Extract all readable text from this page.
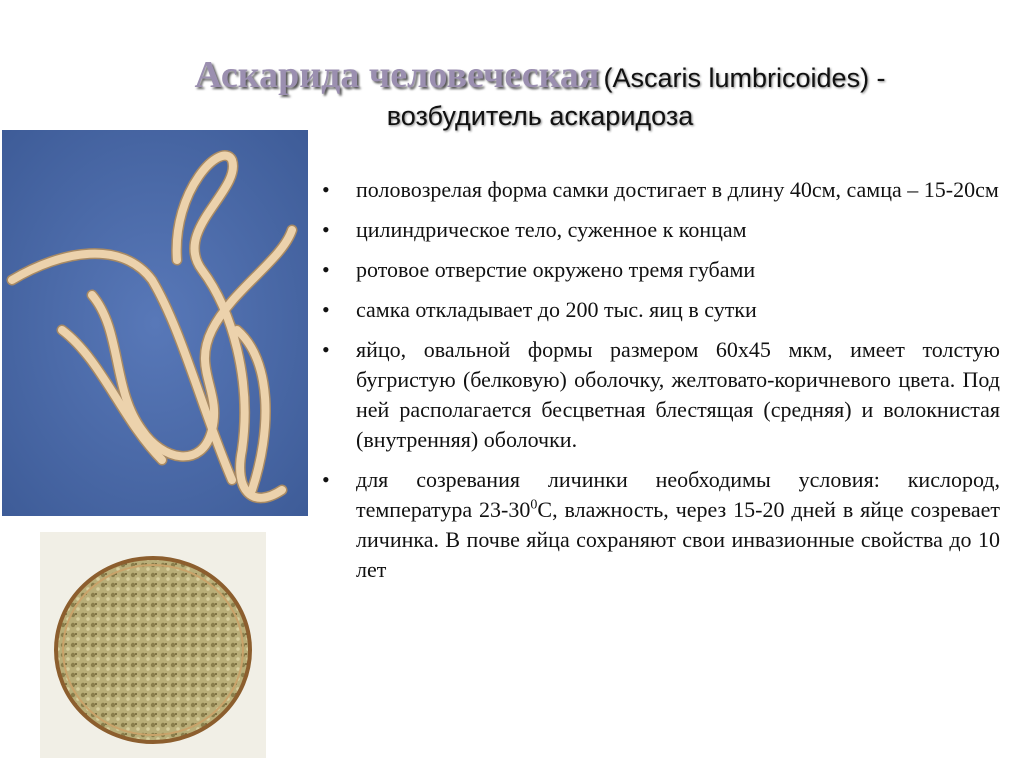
Аскарида человеческая (Ascaris lumbricoides) -
возбудитель аскаридоза
• половозрелая форма самки достигает в длину 40см, самца – 15-20см
• цилиндрическое тело, суженное к концам
• ротовое отверстие окружено тремя губами
• самка откладывает до 200 тыс. яиц в сутки
• яйцо, овальной формы размером 60х45 мкм, имеет толстую бугристую (белковую) оболочку, желтовато-коричневого цвета. Под ней располагается бесцветная блестящая (средняя) и волокнистая (внутренняя) оболочки.
• для созревания личинки необходимы условия: кислород, температура $23-30^0С$, влажность, через 15-20 дней в яйце созревает личинка. В почве яйца сохраняют свои инвазионные свойства до 10 лет
